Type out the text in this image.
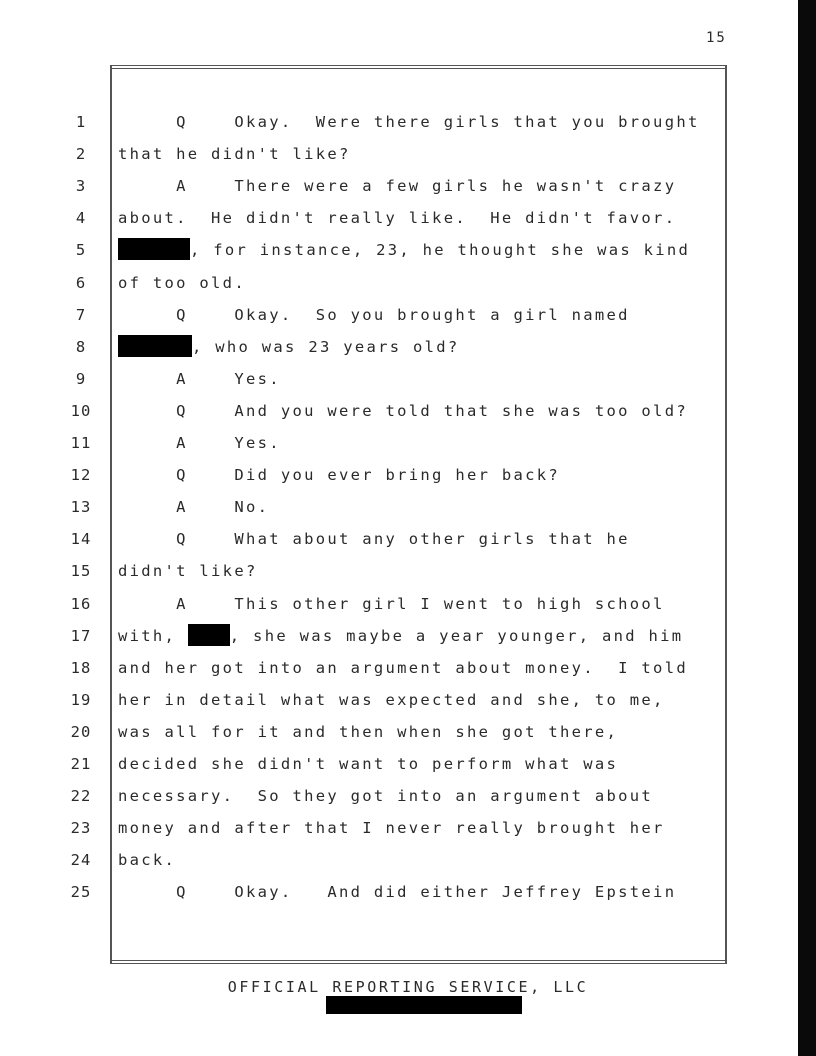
15
1	Q    Okay.  Were there girls that you brought
2	that he didn't like?
3	A    There were a few girls he wasn't crazy
4	about.  He didn't really like.  He didn't favor.
5	, for instance, 23, he thought she was kind
6	of too old.
7	Q    Okay.  So you brought a girl named
8	, who was 23 years old?
9	A    Yes.
10	Q    And you were told that she was too old?
11	A    Yes.
12	Q    Did you ever bring her back?
13	A    No.
14	Q    What about any other girls that he
15	didn't like?
16	A    This other girl I went to high school
17	with,	, she was maybe a year younger, and him
18	and her got into an argument about money.  I told
19	her in detail what was expected and she, to me,
20	was all for it and then when she got there,
21	decided she didn't want to perform what was
22	necessary.  So they got into an argument about
23	money and after that I never really brought her
24	back.
25	Q    Okay.   And did either Jeffrey Epstein
OFFICIAL REPORTING SERVICE, LLC
